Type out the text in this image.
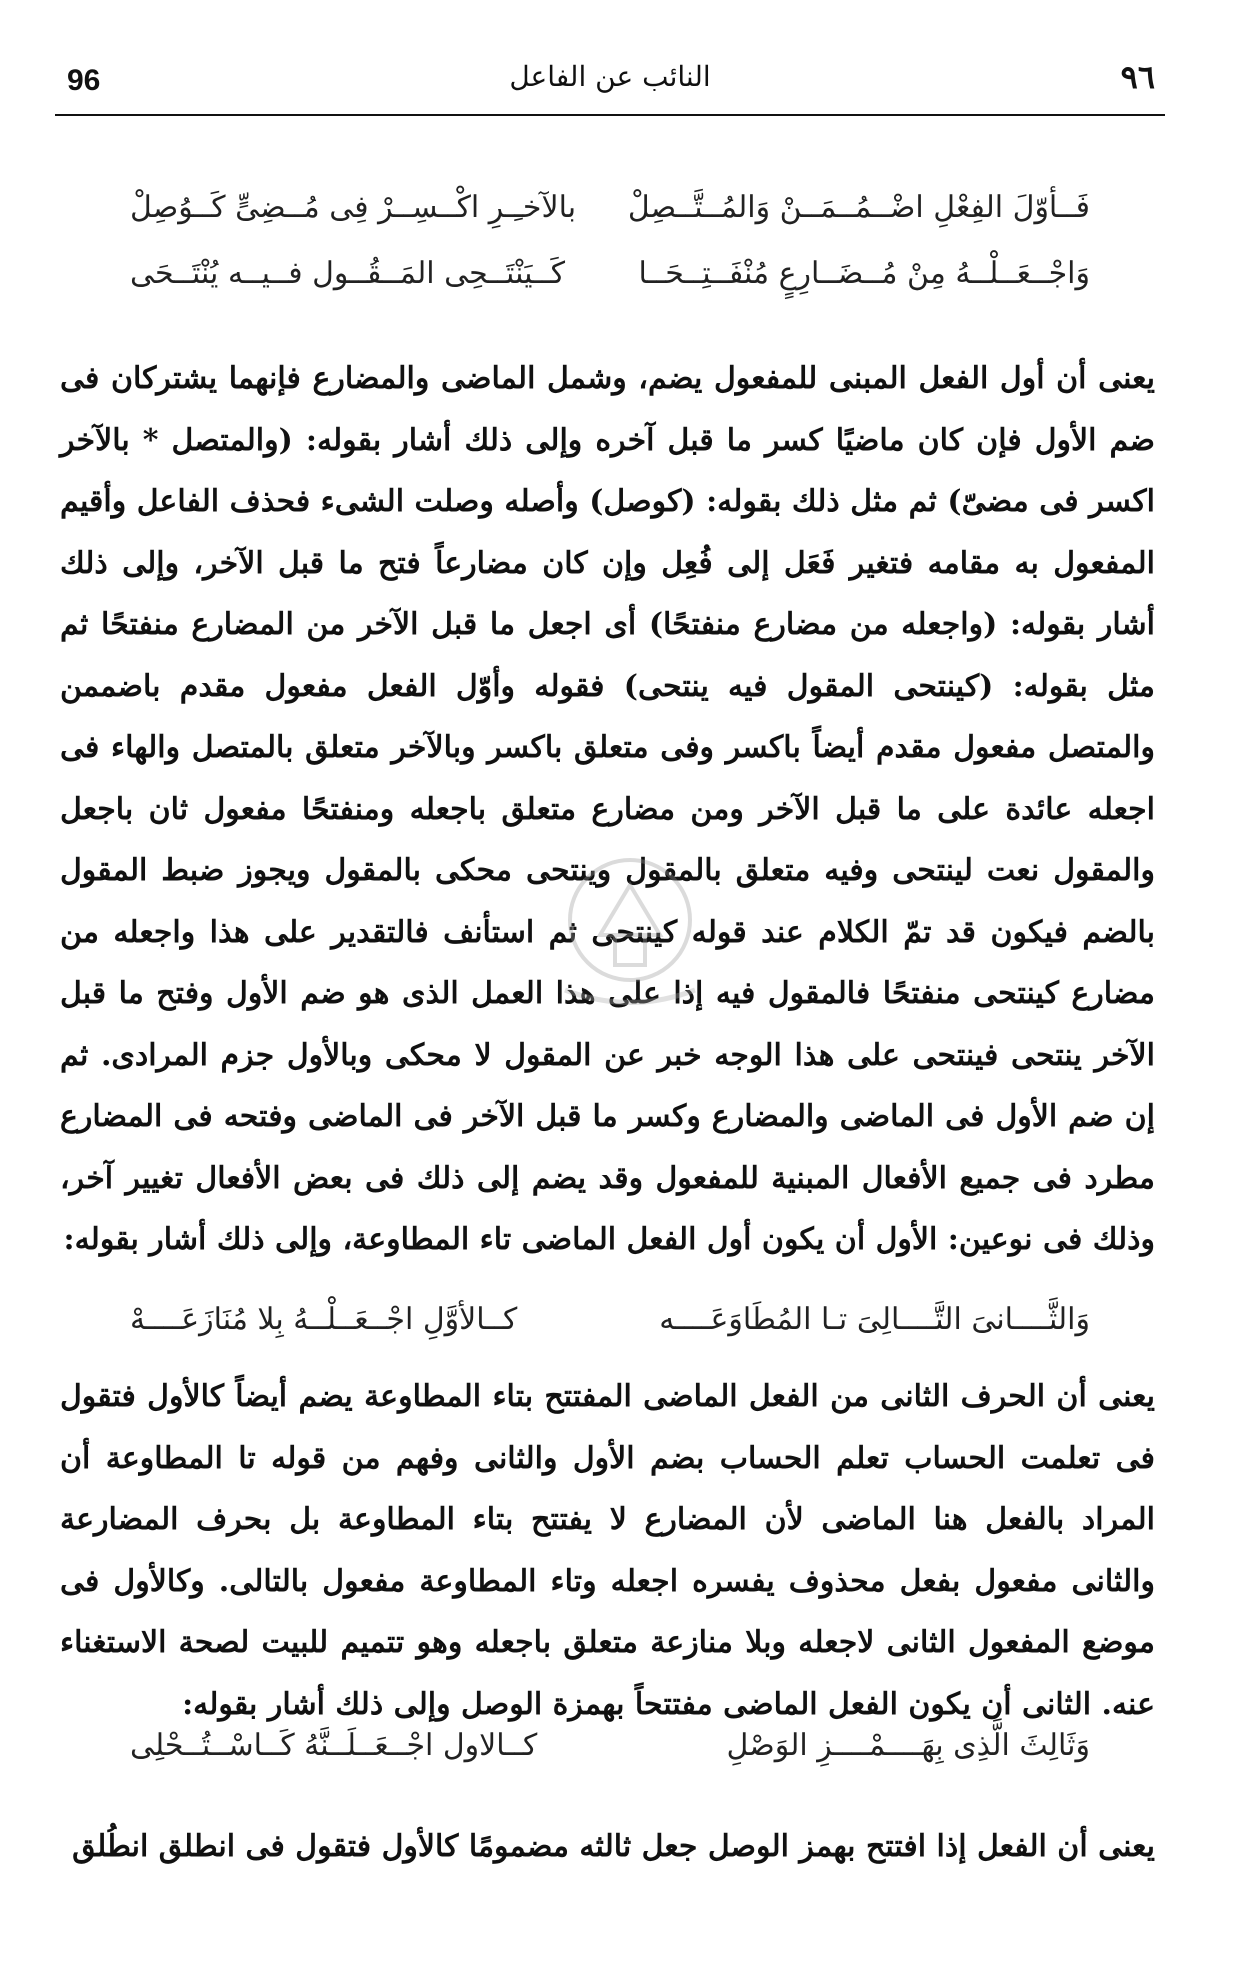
٩٦
النائب عن الفاعل
96
فَــأوّلَ الفِعْلِ اضْــمُــمَــنْ وَالمُــتَّــصِلْ
بالآخـِـرِ اكْــسِــرْ فِى مُــضِىٍّ كَــوُصِلْ
وَاجْــعَــلْــهُ مِنْ مُــضَــارِعٍ مُنْفَــتِــحَــا
كَــيَنْتَــحِى المَــقُــول فــيــه يُنْتَــحَى
يعنى أن أول الفعل المبنى للمفعول يضم، وشمل الماضى والمضارع فإنهما يشتركان فى ضم الأول فإن كان ماضيًا كسر ما قبل آخره وإلى ذلك أشار بقوله: (والمتصل * بالآخر اكسر فى مضىّ) ثم مثل ذلك بقوله: (كوصل) وأصله وصلت الشىء فحذف الفاعل وأقيم المفعول به مقامه فتغير فَعَل إلى فُعِل وإن كان مضارعاً فتح ما قبل الآخر، وإلى ذلك أشار بقوله: (واجعله من مضارع منفتحًا) أى اجعل ما قبل الآخر من المضارع منفتحًا ثم مثل بقوله: (كينتحى المقول فيه ينتحى) فقوله وأوّل الفعل مفعول مقدم باضممن والمتصل مفعول مقدم أيضاً باكسر وفى متعلق باكسر وبالآخر متعلق بالمتصل والهاء فى اجعله عائدة على ما قبل الآخر ومن مضارع متعلق باجعله ومنفتحًا مفعول ثان باجعل والمقول نعت لينتحى وفيه متعلق بالمقول وينتحى محكى بالمقول ويجوز ضبط المقول بالضم فيكون قد تمّ الكلام عند قوله كينتحى ثم استأنف فالتقدير على هذا واجعله من مضارع كينتحى منفتحًا فالمقول فيه إذا على هذا العمل الذى هو ضم الأول وفتح ما قبل الآخر ينتحى فينتحى على هذا الوجه خبر عن المقول لا محكى وبالأول جزم المرادى. ثم إن ضم الأول فى الماضى والمضارع وكسر ما قبل الآخر فى الماضى وفتحه فى المضارع مطرد فى جميع الأفعال المبنية للمفعول وقد يضم إلى ذلك فى بعض الأفعال تغيير آخر، وذلك فى نوعين: الأول أن يكون أول الفعل الماضى تاء المطاوعة، وإلى ذلك أشار بقوله:
وَالثَّــــانىَ التَّــــالِىَ تـا المُطَاوَعَــــه
كــالأوَّلِ اجْــعَــلْــهُ بِلا مُنَازَعَــــهْ
يعنى أن الحرف الثانى من الفعل الماضى المفتتح بتاء المطاوعة يضم أيضاً كالأول فتقول فى تعلمت الحساب تعلم الحساب بضم الأول والثانى وفهم من قوله تا المطاوعة أن المراد بالفعل هنا الماضى لأن المضارع لا يفتتح بتاء المطاوعة بل بحرف المضارعة والثانى مفعول بفعل محذوف يفسره اجعله وتاء المطاوعة مفعول بالتالى. وكالأول فى موضع المفعول الثانى لاجعله وبلا منازعة متعلق باجعله وهو تتميم للبيت لصحة الاستغناء عنه. الثانى أن يكون الفعل الماضى مفتتحاً بهمزة الوصل وإلى ذلك أشار بقوله:
وَثَالِثَ الَّذِى بِهَــــمْــــزِ الوَصْلِ
كــالاول اجْــعَــلَــنَّهُ كَــاسْــتُــحْلِى
يعنى أن الفعل إذا افتتح بهمز الوصل جعل ثالثه مضمومًا كالأول فتقول فى انطلق انطُلق
